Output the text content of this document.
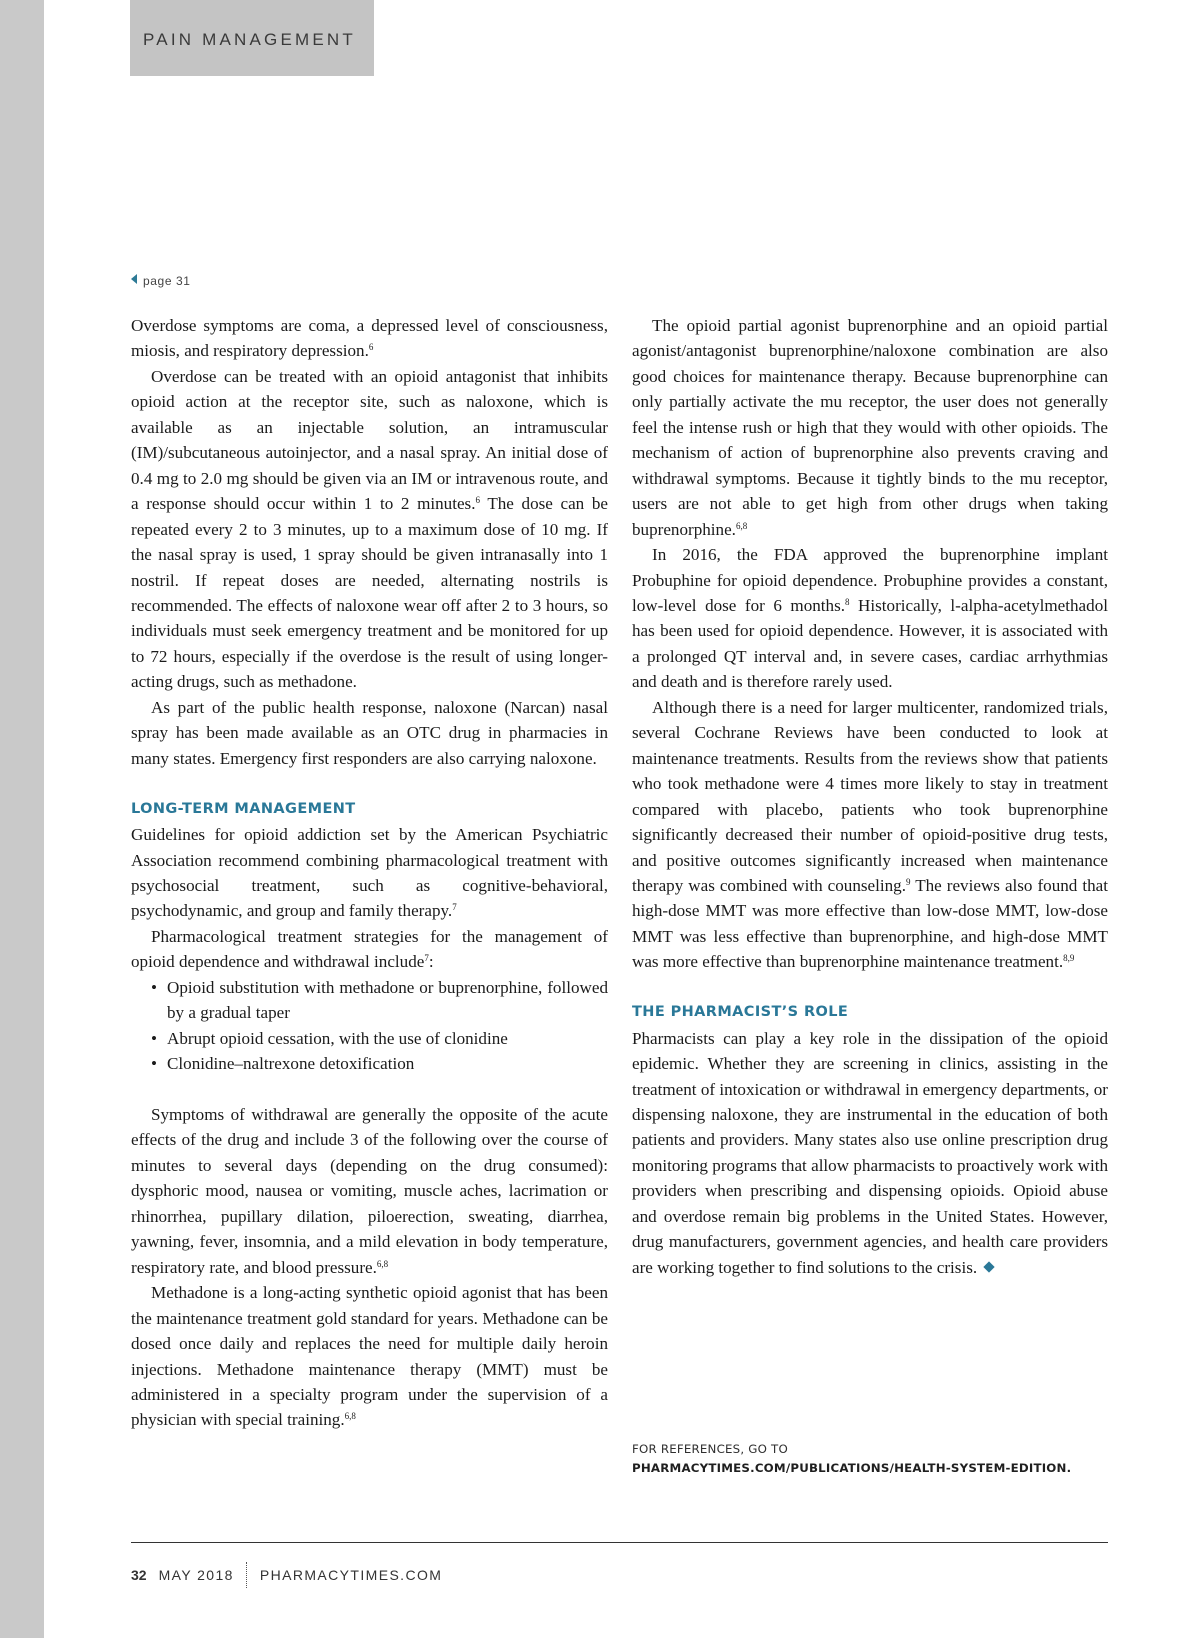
PAIN MANAGEMENT
page 31

Overdose symptoms are coma, a depressed level of consciousness, miosis, and respiratory depression.$^6$

Overdose can be treated with an opioid antagonist that inhibits opioid action at the receptor site, such as naloxone, which is available as an injectable solution, an intramuscular (IM)/subcutaneous autoinjector, and a nasal spray. An initial dose of 0.4 mg to 2.0 mg should be given via an IM or intravenous route, and a response should occur within 1 to 2 minutes.$^6$ The dose can be repeated every 2 to 3 minutes, up to a maximum dose of 10 mg. If the nasal spray is used, 1 spray should be given intranasally into 1 nostril. If repeat doses are needed, alternating nostrils is recommended. The effects of naloxone wear off after 2 to 3 hours, so individuals must seek emergency treatment and be monitored for up to 72 hours, especially if the overdose is the result of using longer-acting drugs, such as methadone.

As part of the public health response, naloxone (Narcan) nasal spray has been made available as an OTC drug in pharmacies in many states. Emergency first responders are also carrying naloxone.

LONG-TERM MANAGEMENT

Guidelines for opioid addiction set by the American Psychiatric Association recommend combining pharmacological treatment with psychosocial treatment, such as cognitive-behavioral, psychodynamic, and group and family therapy.$^7$

Pharmacological treatment strategies for the management of opioid dependence and withdrawal include$^7$:

• Opioid substitution with methadone or buprenorphine, followed by a gradual taper
• Abrupt opioid cessation, with the use of clonidine
• Clonidine–naltrexone detoxification

Symptoms of withdrawal are generally the opposite of the acute effects of the drug and include 3 of the following over the course of minutes to several days (depending on the drug consumed): dysphoric mood, nausea or vomiting, muscle aches, lacrimation or rhinorrhea, pupillary dilation, piloerection, sweating, diarrhea, yawning, fever, insomnia, and a mild elevation in body temperature, respiratory rate, and blood pressure.$^{6,8}$

Methadone is a long-acting synthetic opioid agonist that has been the maintenance treatment gold standard for years. Methadone can be dosed once daily and replaces the need for multiple daily heroin injections. Methadone maintenance therapy (MMT) must be administered in a specialty program under the supervision of a physician with special training.$^{6,8}$

The opioid partial agonist buprenorphine and an opioid partial agonist/antagonist buprenorphine/naloxone combination are also good choices for maintenance therapy. Because buprenorphine can only partially activate the mu receptor, the user does not generally feel the intense rush or high that they would with other opioids. The mechanism of action of buprenorphine also prevents craving and withdrawal symptoms. Because it tightly binds to the mu receptor, users are not able to get high from other drugs when taking buprenorphine.$^{6,8}$

In 2016, the FDA approved the buprenorphine implant Probuphine for opioid dependence. Probuphine provides a constant, low-level dose for 6 months.$^8$ Historically, l-alpha-acetylmethadol has been used for opioid dependence. However, it is associated with a prolonged QT interval and, in severe cases, cardiac arrhythmias and death and is therefore rarely used.

Although there is a need for larger multicenter, randomized trials, several Cochrane Reviews have been conducted to look at maintenance treatments. Results from the reviews show that patients who took methadone were 4 times more likely to stay in treatment compared with placebo, patients who took buprenorphine significantly decreased their number of opioid-positive drug tests, and positive outcomes significantly increased when maintenance therapy was combined with counseling.$^9$ The reviews also found that high-dose MMT was more effective than low-dose MMT, low-dose MMT was less effective than buprenorphine, and high-dose MMT was more effective than buprenorphine maintenance treatment.$^{8,9}$

THE PHARMACIST’S ROLE

Pharmacists can play a key role in the dissipation of the opioid epidemic. Whether they are screening in clinics, assisting in the treatment of intoxication or withdrawal in emergency departments, or dispensing naloxone, they are instrumental in the education of both patients and providers. Many states also use online prescription drug monitoring programs that allow pharmacists to proactively work with providers when prescribing and dispensing opioids. Opioid abuse and overdose remain big problems in the United States. However, drug manufacturers, government agencies, and health care providers are working together to find solutions to the crisis.

FOR REFERENCES, GO TO PHARMACYTIMES.COM/PUBLICATIONS/HEALTH-SYSTEM-EDITION.
32 MAY 2018 PHARMACYTIMES.COM
